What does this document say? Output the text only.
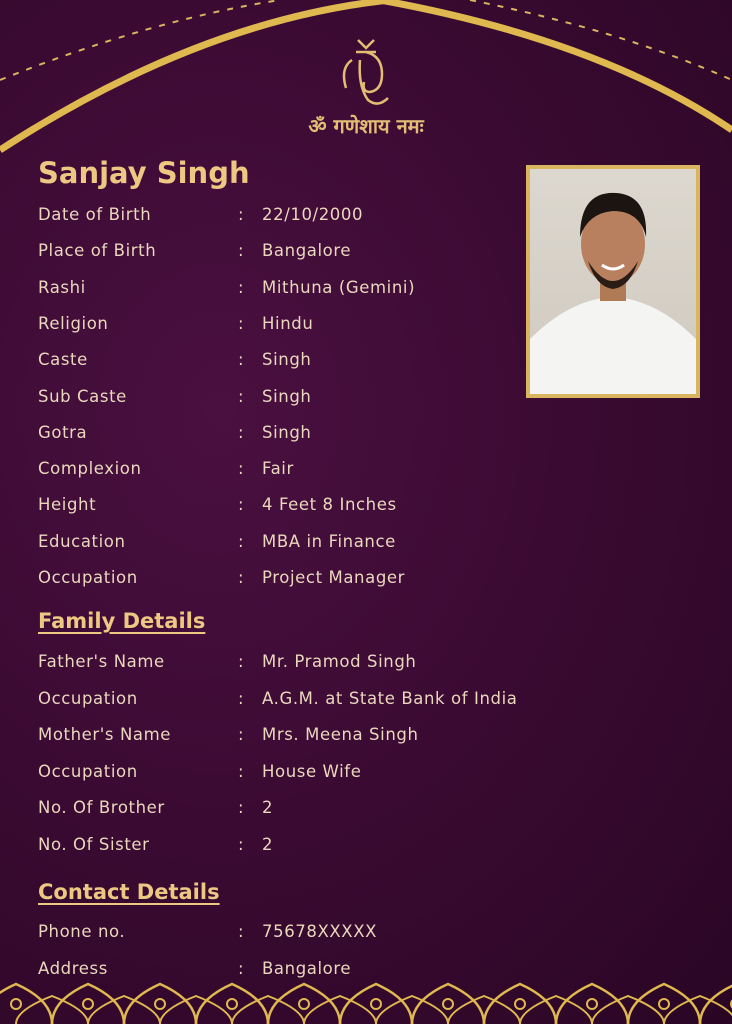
ॐ गणेशाय नमः
Sanjay Singh
Date of Birth	:	22/10/2000
Place of Birth	:	Bangalore
Rashi	:	Mithuna (Gemini)
Religion	:	Hindu
Caste	:	Singh
Sub Caste	:	Singh
Gotra	:	Singh
Complexion	:	Fair
Height	:	4 Feet 8 Inches
Education	:	MBA in Finance
Occupation	:	Project Manager
Family Details
Father's Name	:	Mr. Pramod Singh
Occupation	:	A.G.M. at State Bank of India
Mother's Name	:	Mrs. Meena Singh
Occupation	:	House Wife
No. Of Brother	:	2
No. Of Sister	:	2
Contact Details
Phone no.	:	75678XXXXX
Address	:	Bangalore
